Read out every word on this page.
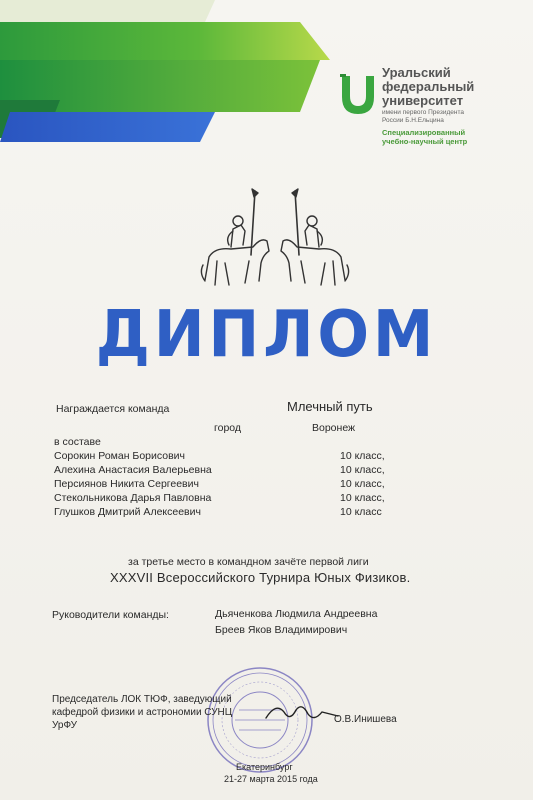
Уральский
федеральный
университет
имени первого Президента
России Б.Н.Ельцина
Специализированный
учебно-научный центр
ДИПЛОМ
Награждается команда	Млечный путь
город	Воронеж
в составе
Сорокин Роман Борисович	10 класс,
Алехина Анастасия Валерьевна	10 класс,
Персиянов Никита Сергеевич	10 класс,
Стекольникова Дарья Павловна	10 класс,
Глушков Дмитрий Алексеевич	10 класс
за третье место в командном зачёте первой лиги
XXXVII Всероссийского Турнира Юных Физиков.
Руководители команды:	Дьяченкова Людмила Андреевна
Бреев Яков Владимирович
Председатель ЛОК ТЮФ, заведующий
кафедрой физики и астрономии СУНЦ
УрФУ
О.В.Инишева
Екатеринбург
21-27 марта 2015 года
